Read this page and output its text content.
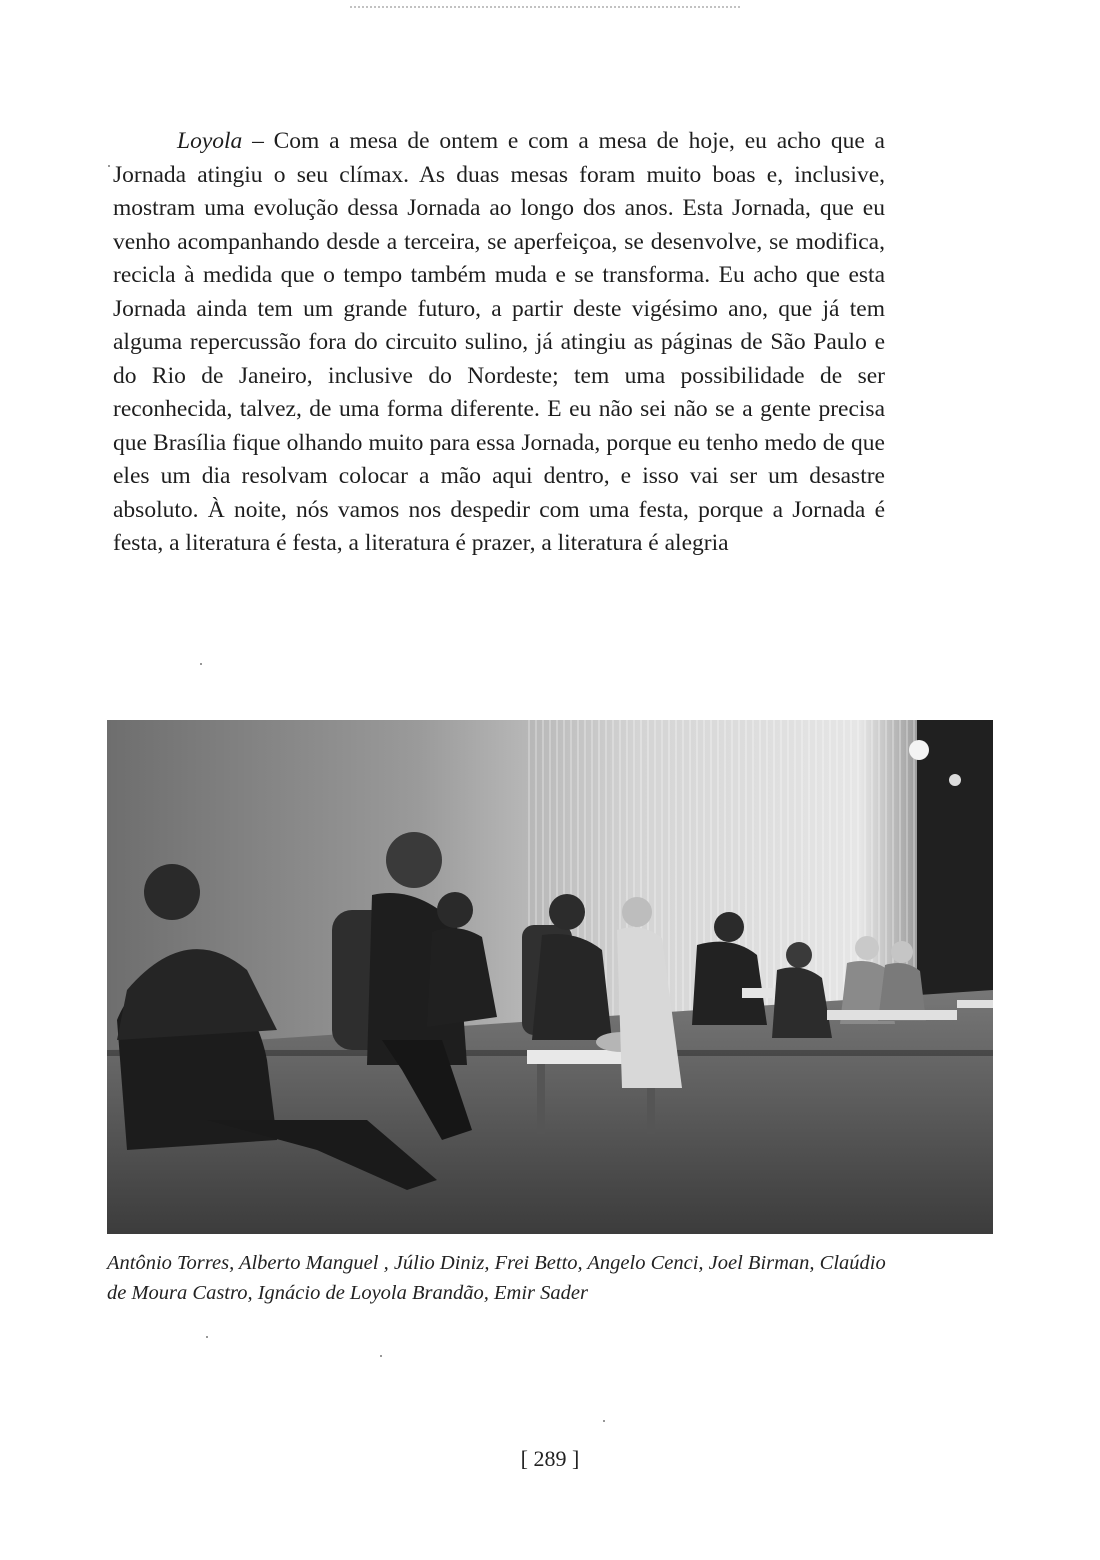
Loyola – Com a mesa de ontem e com a mesa de hoje, eu acho que a Jornada atingiu o seu clímax. As duas mesas foram muito boas e, inclusive, mostram uma evolução dessa Jornada ao longo dos anos. Esta Jornada, que eu venho acompanhando desde a terceira, se aperfeiçoa, se desenvolve, se modifica, recicla à medida que o tempo também muda e se transforma. Eu acho que esta Jornada ainda tem um grande futuro, a partir deste vigésimo ano, que já tem alguma repercussão fora do circuito sulino, já atingiu as páginas de São Paulo e do Rio de Janeiro, inclusive do Nordeste; tem uma possibilidade de ser reconhecida, talvez, de uma forma diferente. E eu não sei não se a gente precisa que Brasília fique olhando muito para essa Jornada, porque eu tenho medo de que eles um dia resolvam colocar a mão aqui dentro, e isso vai ser um desastre absoluto. À noite, nós vamos nos despedir com uma festa, porque a Jornada é festa, a literatura é festa, a literatura é prazer, a literatura é alegria

Antônio Torres, Alberto Manguel , Júlio Diniz, Frei Betto, Angelo Cenci, Joel Birman, Claúdio de Moura Castro, Ignácio de Loyola Brandão, Emir Sader

[ 289 ]
